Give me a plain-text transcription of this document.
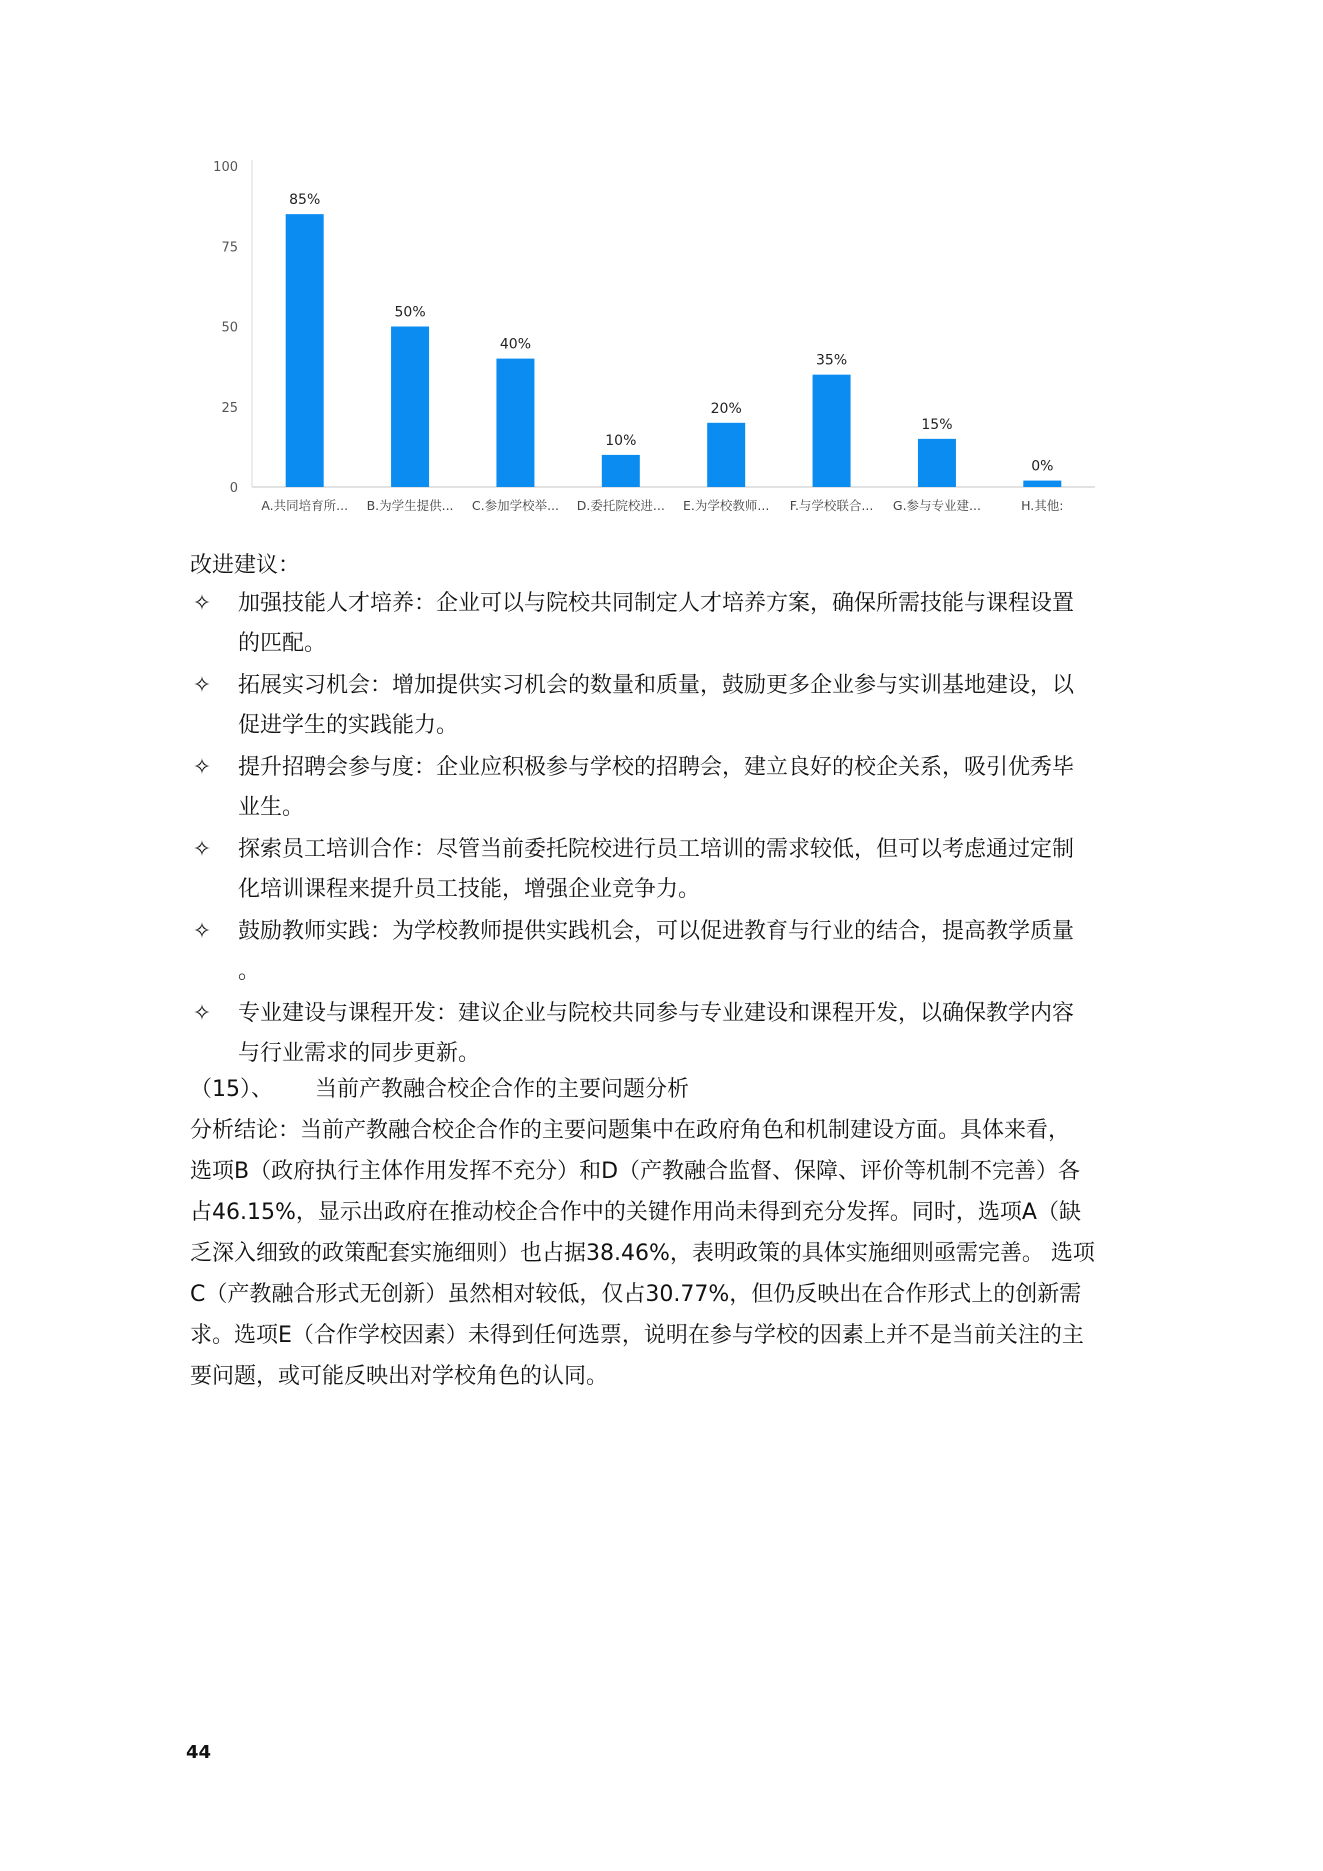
100
75
50
25
0
85%
A.共同培育所...
50%
B.为学生提供...
40%
C.参加学校举...
10%
D.委托院校进...
20%
E.为学校教师...
35%
F.与学校联合...
15%
G.参与专业建...
0%
H.其他:
改进建议：
✧ 加强技能人才培养：企业可以与院校共同制定人才培养方案，确保所需技能与课程设置
的匹配。
✧ 拓展实习机会：增加提供实习机会的数量和质量，鼓励更多企业参与实训基地建设，以
促进学生的实践能力。
✧ 提升招聘会参与度：企业应积极参与学校的招聘会，建立良好的校企关系，吸引优秀毕
业生。
✧ 探索员工培训合作：尽管当前委托院校进行员工培训的需求较低，但可以考虑通过定制
化培训课程来提升员工技能，增强企业竞争力。
✧ 鼓励教师实践：为学校教师提供实践机会，可以促进教育与行业的结合，提高教学质量
。
✧ 专业建设与课程开发：建议企业与院校共同参与专业建设和课程开发，以确保教学内容
与行业需求的同步更新。
（15）、      当前产教融合校企合作的主要问题分析
分析结论：当前产教融合校企合作的主要问题集中在政府角色和机制建设方面。具体来看，
选项B（政府执行主体作用发挥不充分）和D（产教融合监督、保障、评价等机制不完善）各
占46.15%，显示出政府在推动校企合作中的关键作用尚未得到充分发挥。同时，选项A（缺
乏深入细致的政策配套实施细则）也占据38.46%，表明政策的具体实施细则亟需完善。 选项
C（产教融合形式无创新）虽然相对较低，仅占30.77%，但仍反映出在合作形式上的创新需
求。选项E（合作学校因素）未得到任何选票，说明在参与学校的因素上并不是当前关注的主
要问题，或可能反映出对学校角色的认同。
44
